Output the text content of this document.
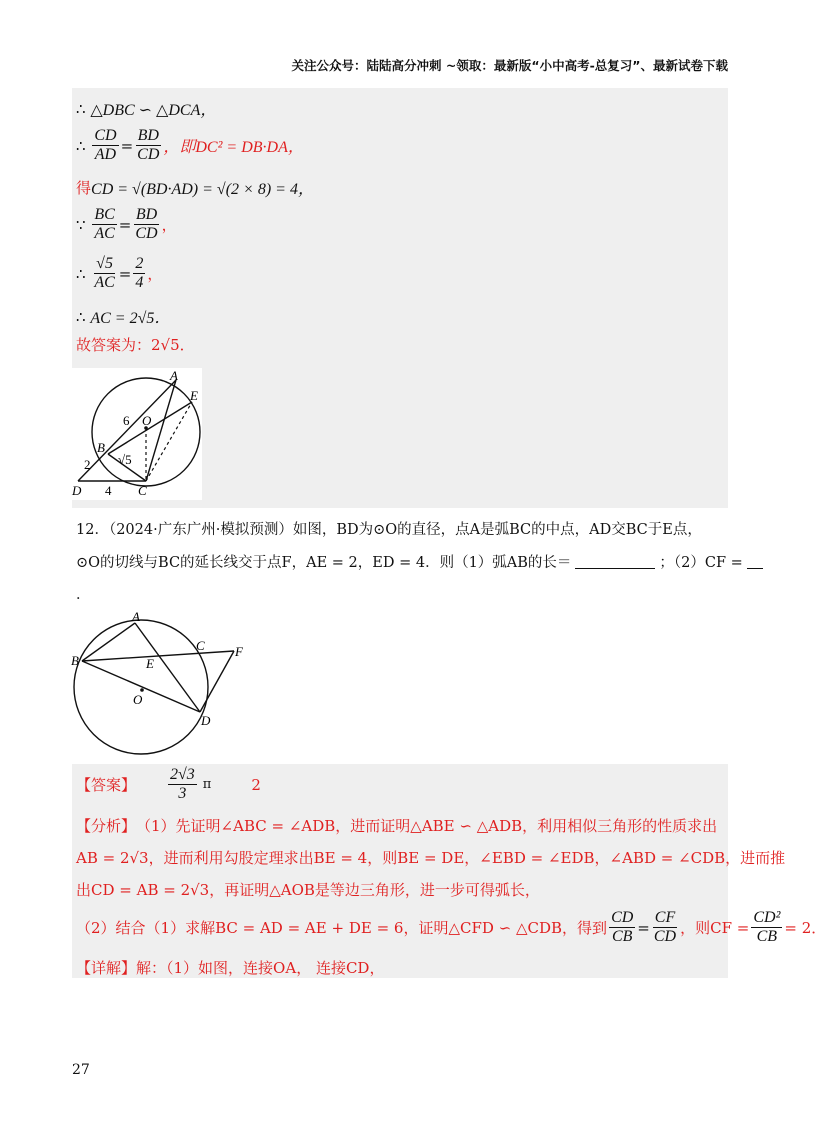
关注公众号：陆陆高分冲刺 ~领取：最新版“小中高考-总复习”、最新试卷下载
∴
△DBC ∽ △DCA，
∴
$\frac{CD}{AD} = \frac{BD}{CD}$ ，即DC² = DB·DA，
得 CD = √(BD·AD) = √(2 × 8) = 4，
∵
$\frac{BC}{AC} = \frac{BD}{CD}$ ，
∴
$\frac{√5}{AC} = \frac{2}{4}$ ，
∴
AC = 2√5．
故答案为：2√5．
A
E
O
B
C
D
6
2
4
√5
12．（2024·广东广州·模拟预测）如图，BD为⊙O的直径，点A是弧BC的中点，AD交BC于E点，
⊙O的切线与BC的延长线交于点F，AE = 2，ED = 4．则（1）弧AB的长＝	；（2）CF =
．
A
B
C
E
F
O
D
【答案】 $\frac{2√3}{3}$ π	2
【分析】 （1）先证明∠ABC = ∠ADB，进而证明△ABE ∽ △ADB，利用相似三角形的性质求出
AB = 2√3，进而利用勾股定理求出BE = 4，则BE = DE，∠EBD = ∠EDB，∠ABD = ∠CDB，进而推
出CD = AB = 2√3，再证明△AOB是等边三角形，进一步可得弧长，
（2）结合（1）求解BC = AD = AE + DE = 6，证明△CFD ∽ △CDB，得到 $\frac{CD}{CB} = \frac{CF}{CD}$ ，则CF = $\frac{\text{CD²}}{CB} = 2$．
【详解】 解：（1）如图，连接OA， 连接CD，
27
